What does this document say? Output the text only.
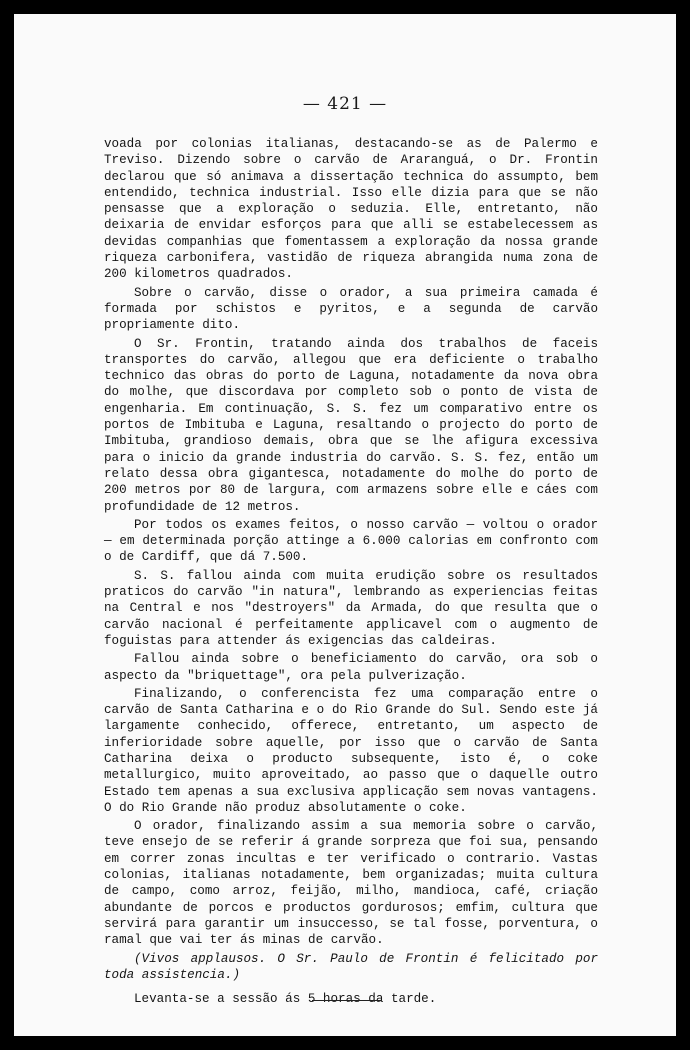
— 421 —

voada por colonias italianas, destacando-se as de Palermo e Treviso. Dizendo sobre o carvão de Araranguá, o Dr. Frontin declarou que só animava a dissertação technica do assumpto, bem entendido, technica industrial. Isso elle dizia para que se não pensasse que a exploração o seduzia. Elle, entretanto, não deixaria de envidar esforços para que alli se estabelecessem as devidas companhias que fomentassem a exploração da nossa grande riqueza carbonifera, vastidão de riqueza abrangida numa zona de 200 kilometros quadrados.

Sobre o carvão, disse o orador, a sua primeira camada é formada por schistos e pyritos, e a segunda de carvão propriamente dito.

O Sr. Frontin, tratando ainda dos trabalhos de faceis transportes do carvão, allegou que era deficiente o trabalho technico das obras do porto de Laguna, notadamente da nova obra do molhe, que discordava por completo sob o ponto de vista de engenharia. Em continuação, S. S. fez um comparativo entre os portos de Imbituba e Laguna, resaltando o projecto do porto de Imbituba, grandioso demais, obra que se lhe afigura excessiva para o inicio da grande industria do carvão. S. S. fez, então um relato dessa obra gigantesca, notadamente do molhe do porto de 200 metros por 80 de largura, com armazens sobre elle e cáes com profundidade de 12 metros.

Por todos os exames feitos, o nosso carvão — voltou o orador — em determinada porção attinge a 6.000 calorias em confronto com o de Cardiff, que dá 7.500.

S. S. fallou ainda com muita erudição sobre os resultados praticos do carvão "in natura", lembrando as experiencias feitas na Central e nos "destroyers" da Armada, do que resulta que o carvão nacional é perfeitamente applicavel com o augmento de foguistas para attender ás exigencias das caldeiras.

Fallou ainda sobre o beneficiamento do carvão, ora sob o aspecto da "briquettage", ora pela pulverização.

Finalizando, o conferencista fez uma comparação entre o carvão de Santa Catharina e o do Rio Grande do Sul. Sendo este já largamente conhecido, offerece, entretanto, um aspecto de inferioridade sobre aquelle, por isso que o carvão de Santa Catharina deixa o producto subsequente, isto é, o coke metallurgico, muito aproveitado, ao passo que o daquelle outro Estado tem apenas a sua exclusiva applicação sem novas vantagens. O do Rio Grande não produz absolutamente o coke.

O orador, finalizando assim a sua memoria sobre o carvão, teve ensejo de se referir á grande sorpreza que foi sua, pensando em correr zonas incultas e ter verificado o contrario. Vastas colonias, italianas notadamente, bem organizadas; muita cultura de campo, como arroz, feijão, milho, mandioca, café, criação abundante de porcos e productos gordurosos; emfim, cultura que servirá para garantir um insuccesso, se tal fosse, porventura, o ramal que vai ter ás minas de carvão.

(Vivos applausos. O Sr. Paulo de Frontin é felicitado por toda assistencia.)

Levanta-se a sessão ás 5 horas da tarde.
